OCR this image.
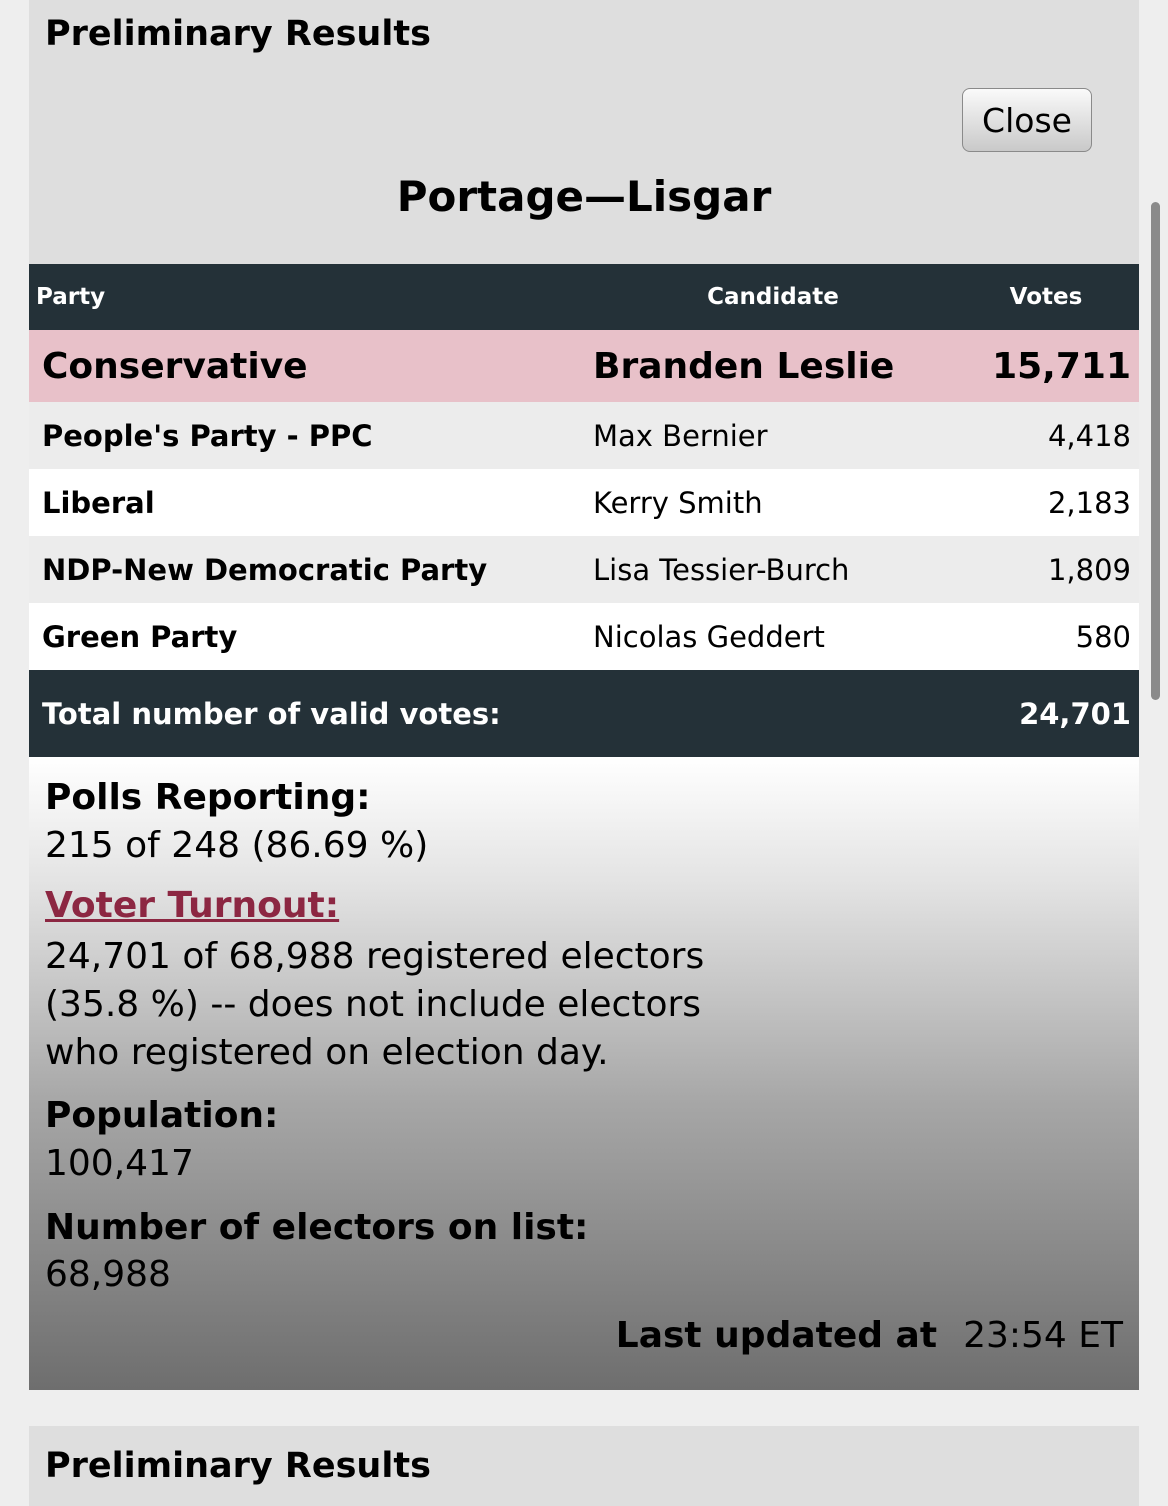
Preliminary Results
Close
Portage—Lisgar
Party	Candidate	Votes
Conservative	Branden Leslie	15,711
People's Party - PPC	Max Bernier	4,418
Liberal	Kerry Smith	2,183
NDP-New Democratic Party	Lisa Tessier-Burch	1,809
Green Party	Nicolas Geddert	580
Total number of valid votes:		24,701
Polls Reporting:
215 of 248 (86.69 %)
Voter Turnout:
24,701 of 68,988 registered electors
(35.8 %) -- does not include electors
who registered on election day.
Population:
100,417
Number of electors on list:
68,988
Last updated at 23:54 ET
Preliminary Results
